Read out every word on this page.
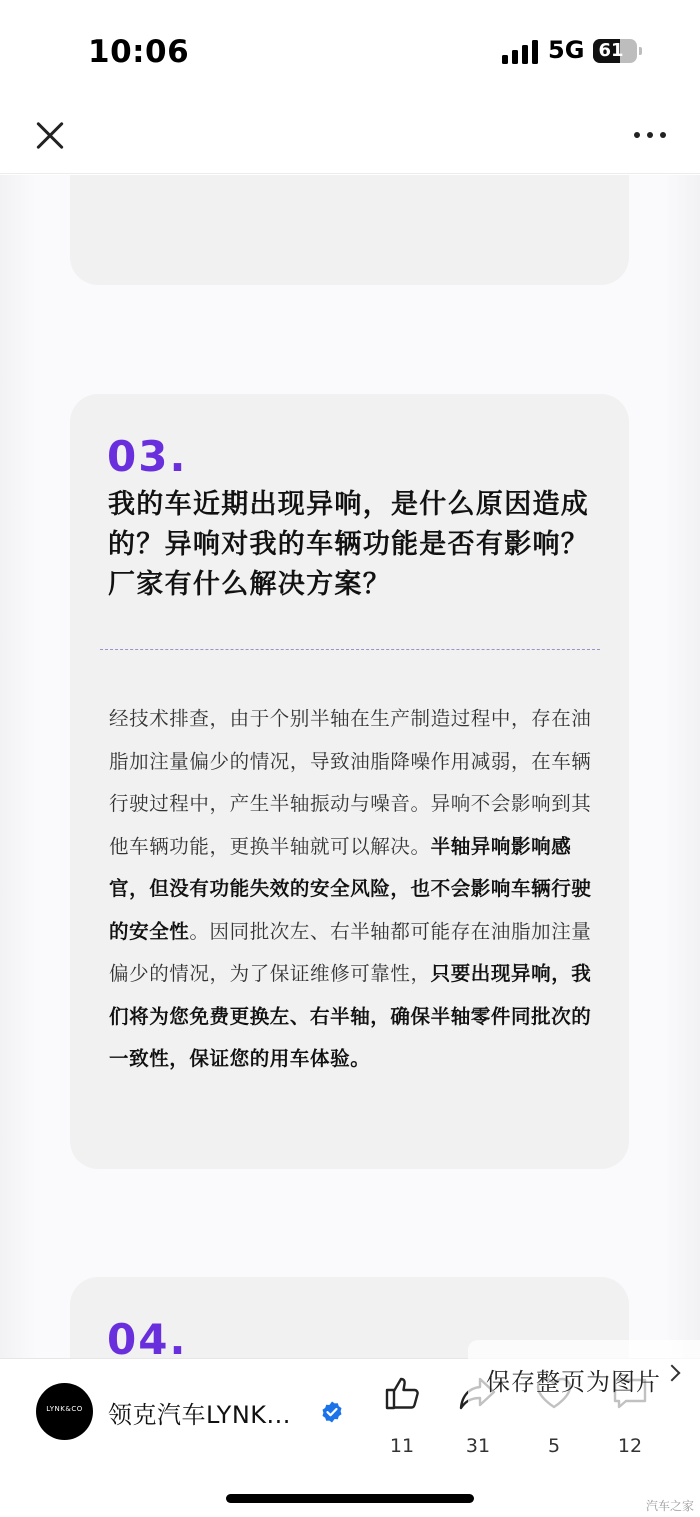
10:06	5G 61
03.
我的车近期出现异响，是什么原因造成的？异响对我的车辆功能是否有影响？厂家有什么解决方案？
经技术排查，由于个别半轴在生产制造过程中，存在油脂加注量偏少的情况，导致油脂降噪作用减弱，在车辆行驶过程中，产生半轴振动与噪音。异响不会影响到其他车辆功能，更换半轴就可以解决。半轴异响影响感官，但没有功能失效的安全风险，也不会影响车辆行驶的安全性。因同批次左、右半轴都可能存在油脂加注量偏少的情况，为了保证维修可靠性，只要出现异响，我们将为您免费更换左、右半轴，确保半轴零件同批次的一致性，保证您的用车体验。
04.
保存整页为图片
LYNK&CO	领克汽车LYNK...
11	31	5	12
汽车之家
